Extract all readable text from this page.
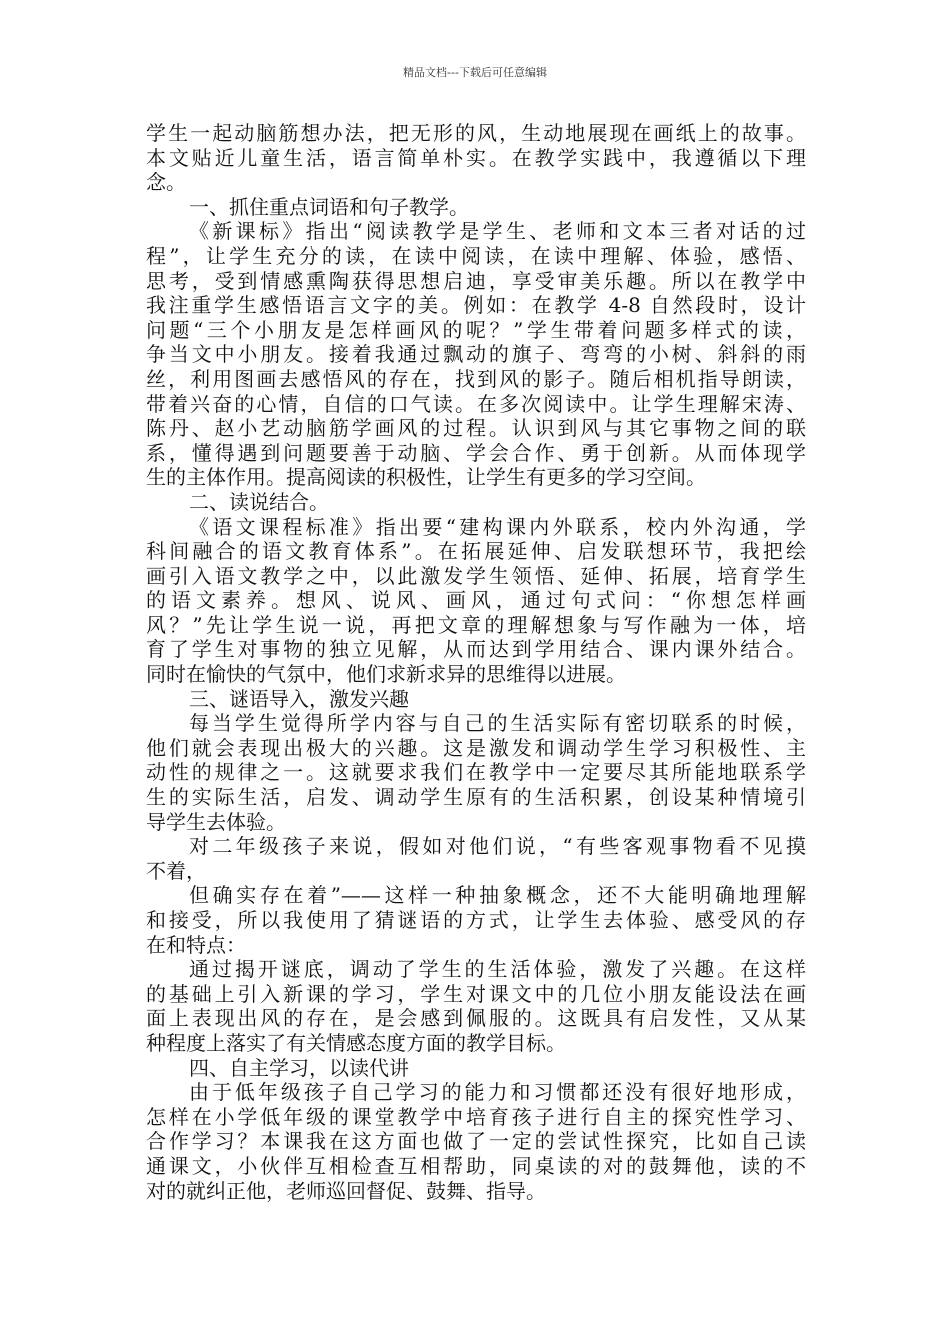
精品文档---下载后可任意编辑
学生一起动脑筋想办法，把无形的风，生动地展现在画纸上的故事。
本文贴近儿童生活，语言简单朴实。在教学实践中，我遵循以下理
念。
一、抓住重点词语和句子教学。
《新课标》指出“阅读教学是学生、老师和文本三者对话的过
程”，让学生充分的读，在读中阅读，在读中理解、体验，感悟、
思考，受到情感熏陶获得思想启迪，享受审美乐趣。所以在教学中
我注重学生感悟语言文字的美。例如：在教学 4-8 自然段时，设计
问题“三个小朋友是怎样画风的呢？”学生带着问题多样式的读，
争当文中小朋友。接着我通过飘动的旗子、弯弯的小树、斜斜的雨
丝，利用图画去感悟风的存在，找到风的影子。随后相机指导朗读，
带着兴奋的心情，自信的口气读。在多次阅读中。让学生理解宋涛、
陈丹、赵小艺动脑筋学画风的过程。认识到风与其它事物之间的联
系，懂得遇到问题要善于动脑、学会合作、勇于创新。从而体现学
生的主体作用。提高阅读的积极性，让学生有更多的学习空间。
二、读说结合。
《语文课程标准》指出要“建构课内外联系，校内外沟通，学
科间融合的语文教育体系”。在拓展延伸、启发联想环节，我把绘
画引入语文教学之中，以此激发学生领悟、延伸、拓展，培育学生
的语文素养。想风、说风、画风，通过句式问：“你想怎样画
风？”先让学生说一说，再把文章的理解想象与写作融为一体，培
育了学生对事物的独立见解，从而达到学用结合、课内课外结合。
同时在愉快的气氛中，他们求新求异的思维得以进展。
三、谜语导入，激发兴趣
每当学生觉得所学内容与自己的生活实际有密切联系的时候，
他们就会表现出极大的兴趣。这是激发和调动学生学习积极性、主
动性的规律之一。这就要求我们在教学中一定要尽其所能地联系学
生的实际生活，启发、调动学生原有的生活积累，创设某种情境引
导学生去体验。
对二年级孩子来说，假如对他们说，“有些客观事物看不见摸
不着，
但确实存在着”——这样一种抽象概念，还不大能明确地理解
和接受，所以我使用了猜谜语的方式，让学生去体验、感受风的存
在和特点：
通过揭开谜底，调动了学生的生活体验，激发了兴趣。在这样
的基础上引入新课的学习，学生对课文中的几位小朋友能设法在画
面上表现出风的存在，是会感到佩服的。这既具有启发性，又从某
种程度上落实了有关情感态度方面的教学目标。
四、自主学习，以读代讲
由于低年级孩子自己学习的能力和习惯都还没有很好地形成，
怎样在小学低年级的课堂教学中培育孩子进行自主的探究性学习、
合作学习？本课我在这方面也做了一定的尝试性探究，比如自己读
通课文，小伙伴互相检查互相帮助，同桌读的对的鼓舞他，读的不
对的就纠正他，老师巡回督促、鼓舞、指导。
